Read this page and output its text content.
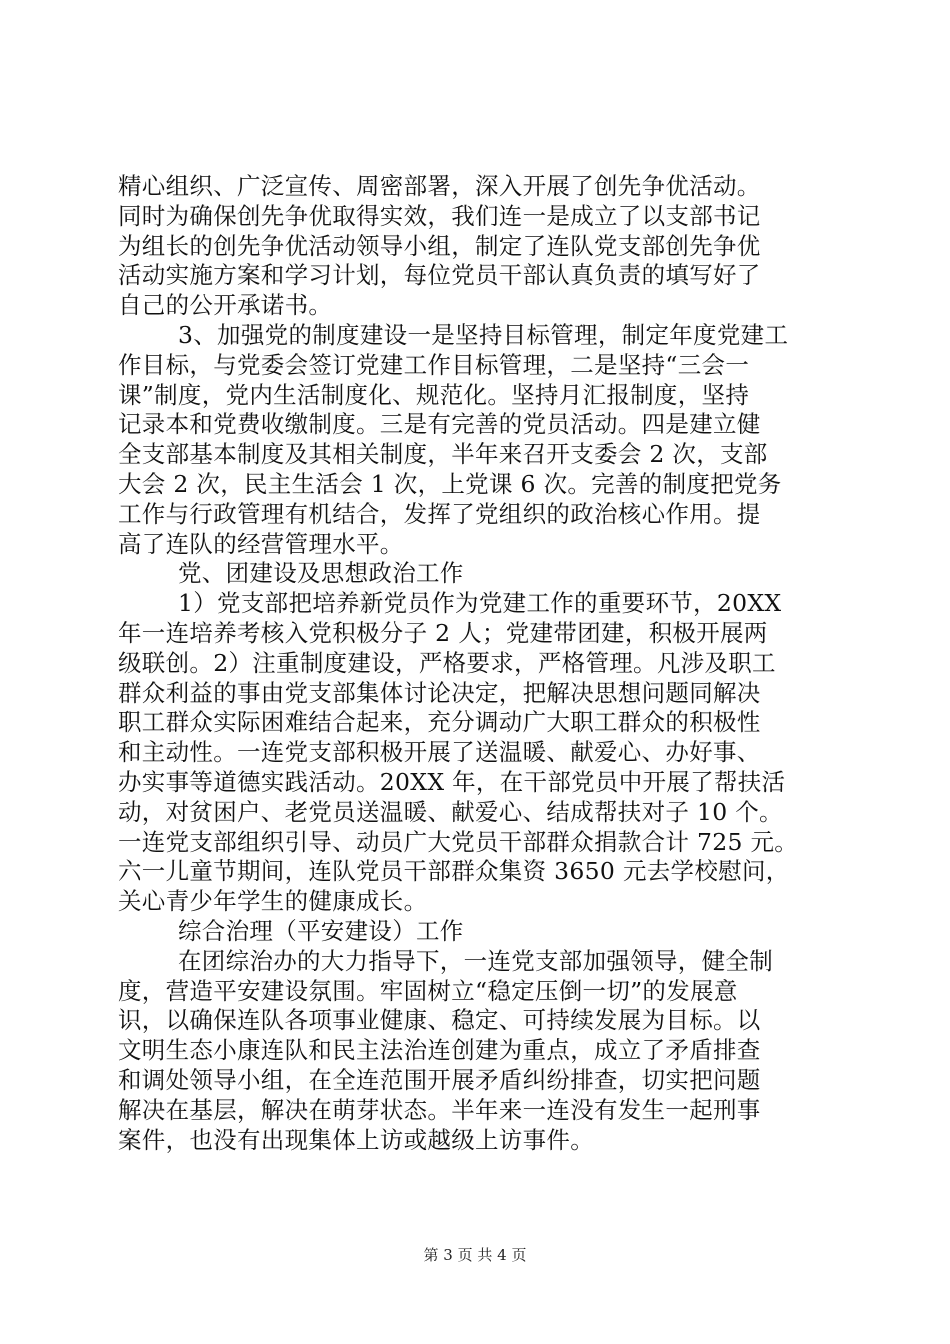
精心组织、广泛宣传、周密部署，深入开展了创先争优活动。
同时为确保创先争优取得实效，我们连一是成立了以支部书记
为组长的创先争优活动领导小组，制定了连队党支部创先争优
活动实施方案和学习计划，每位党员干部认真负责的填写好了
自己的公开承诺书。
3、加强党的制度建设一是坚持目标管理，制定年度党建工
作目标，与党委会签订党建工作目标管理，二是坚持“三会一
课”制度，党内生活制度化、规范化。坚持月汇报制度，坚持
记录本和党费收缴制度。三是有完善的党员活动。四是建立健
全支部基本制度及其相关制度，半年来召开支委会 2 次，支部
大会 2 次，民主生活会 1 次，上党课 6 次。完善的制度把党务
工作与行政管理有机结合，发挥了党组织的政治核心作用。提
高了连队的经营管理水平。
党、团建设及思想政治工作
1）党支部把培养新党员作为党建工作的重要环节，20XX
年一连培养考核入党积极分子 2 人；党建带团建，积极开展两
级联创。2）注重制度建设，严格要求，严格管理。凡涉及职工
群众利益的事由党支部集体讨论决定，把解决思想问题同解决
职工群众实际困难结合起来，充分调动广大职工群众的积极性
和主动性。一连党支部积极开展了送温暖、献爱心、办好事、
办实事等道德实践活动。20XX 年，在干部党员中开展了帮扶活
动，对贫困户、老党员送温暖、献爱心、结成帮扶对子 10 个。
一连党支部组织引导、动员广大党员干部群众捐款合计 725 元。
六一儿童节期间，连队党员干部群众集资 3650 元去学校慰问，
关心青少年学生的健康成长。
综合治理（平安建设）工作
在团综治办的大力指导下，一连党支部加强领导，健全制
度，营造平安建设氛围。牢固树立“稳定压倒一切”的发展意
识，以确保连队各项事业健康、稳定、可持续发展为目标。以
文明生态小康连队和民主法治连创建为重点，成立了矛盾排查
和调处领导小组，在全连范围开展矛盾纠纷排查，切实把问题
解决在基层，解决在萌芽状态。半年来一连没有发生一起刑事
案件，也没有出现集体上访或越级上访事件。
第 3 页 共 4 页
